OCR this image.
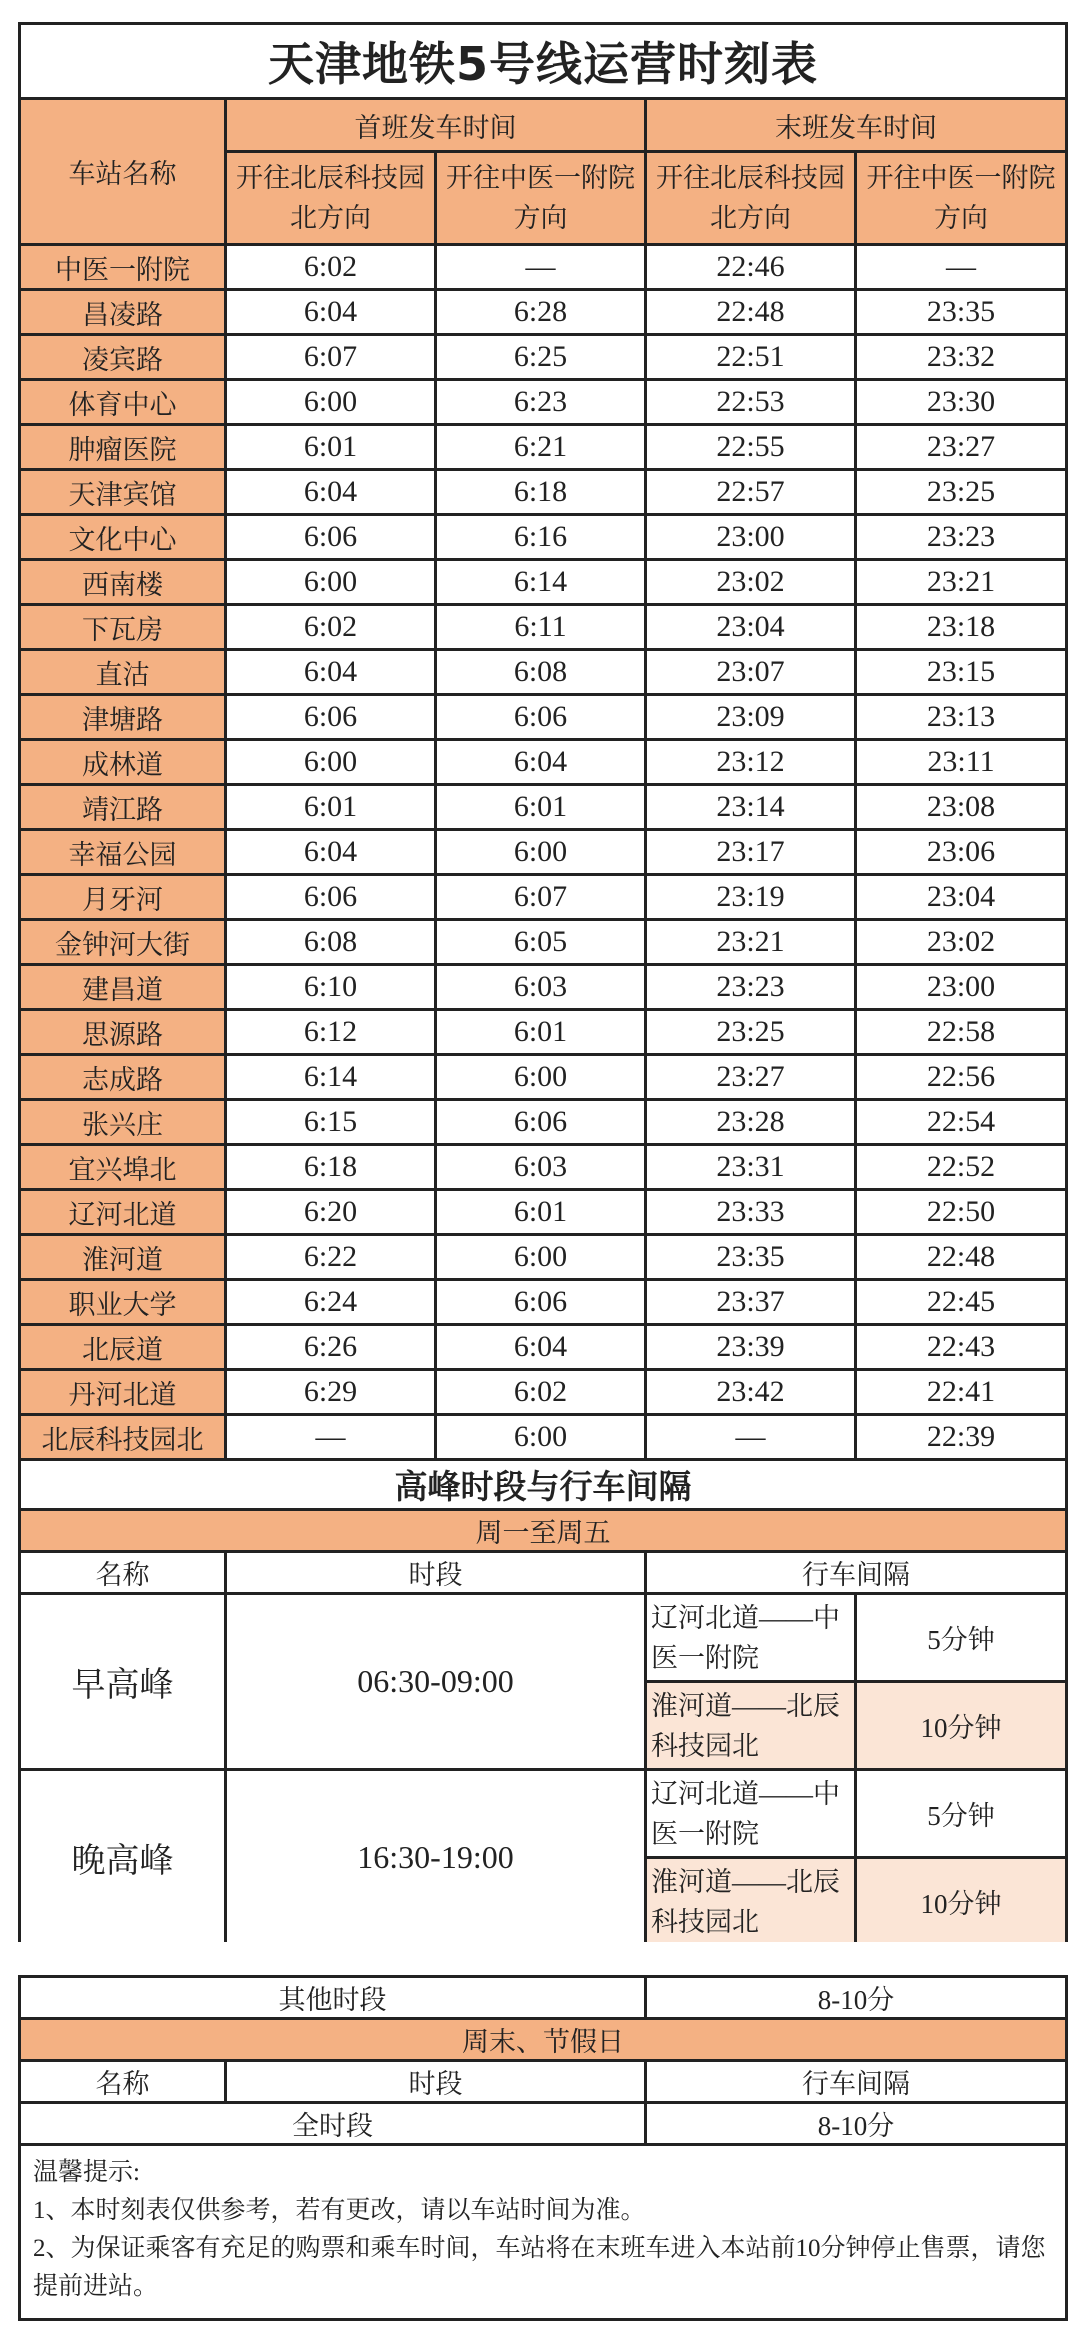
天津地铁5号线运营时刻表				
车站名称	首班发车时间		末班发车时间	
	开往北辰科技园北方向	开往中医一附院方向	开往北辰科技园北方向	开往中医一附院方向
中医一附院	6:02	—	22:46	—
昌凌路	6:04	6:28	22:48	23:35
凌宾路	6:07	6:25	22:51	23:32
体育中心	6:00	6:23	22:53	23:30
肿瘤医院	6:01	6:21	22:55	23:27
天津宾馆	6:04	6:18	22:57	23:25
文化中心	6:06	6:16	23:00	23:23
西南楼	6:00	6:14	23:02	23:21
下瓦房	6:02	6:11	23:04	23:18
直沽	6:04	6:08	23:07	23:15
津塘路	6:06	6:06	23:09	23:13
成林道	6:00	6:04	23:12	23:11
靖江路	6:01	6:01	23:14	23:08
幸福公园	6:04	6:00	23:17	23:06
月牙河	6:06	6:07	23:19	23:04
金钟河大街	6:08	6:05	23:21	23:02
建昌道	6:10	6:03	23:23	23:00
思源路	6:12	6:01	23:25	22:58
志成路	6:14	6:00	23:27	22:56
张兴庄	6:15	6:06	23:28	22:54
宜兴埠北	6:18	6:03	23:31	22:52
辽河北道	6:20	6:01	23:33	22:50
淮河道	6:22	6:00	23:35	22:48
职业大学	6:24	6:06	23:37	22:45
北辰道	6:26	6:04	23:39	22:43
丹河北道	6:29	6:02	23:42	22:41
北辰科技园北	—	6:00	—	22:39
高峰时段与行车间隔				
周一至周五				
名称	时段		行车间隔	
早高峰	06:30-09:00		辽河北道——中医一附院	5分钟
			淮河道——北辰科技园北	10分钟
晚高峰	16:30-19:00		辽河北道——中医一附院	5分钟
			淮河道——北辰科技园北	10分钟
其他时段		8-10分
周末、节假日		
名称	时段	行车间隔
全时段		8-10分

温馨提示:
1、本时刻表仅供参考，若有更改，请以车站时间为准。
2、为保证乘客有充足的购票和乘车时间，车站将在末班车进入本站前10分钟停止售票，请您提前进站。		
